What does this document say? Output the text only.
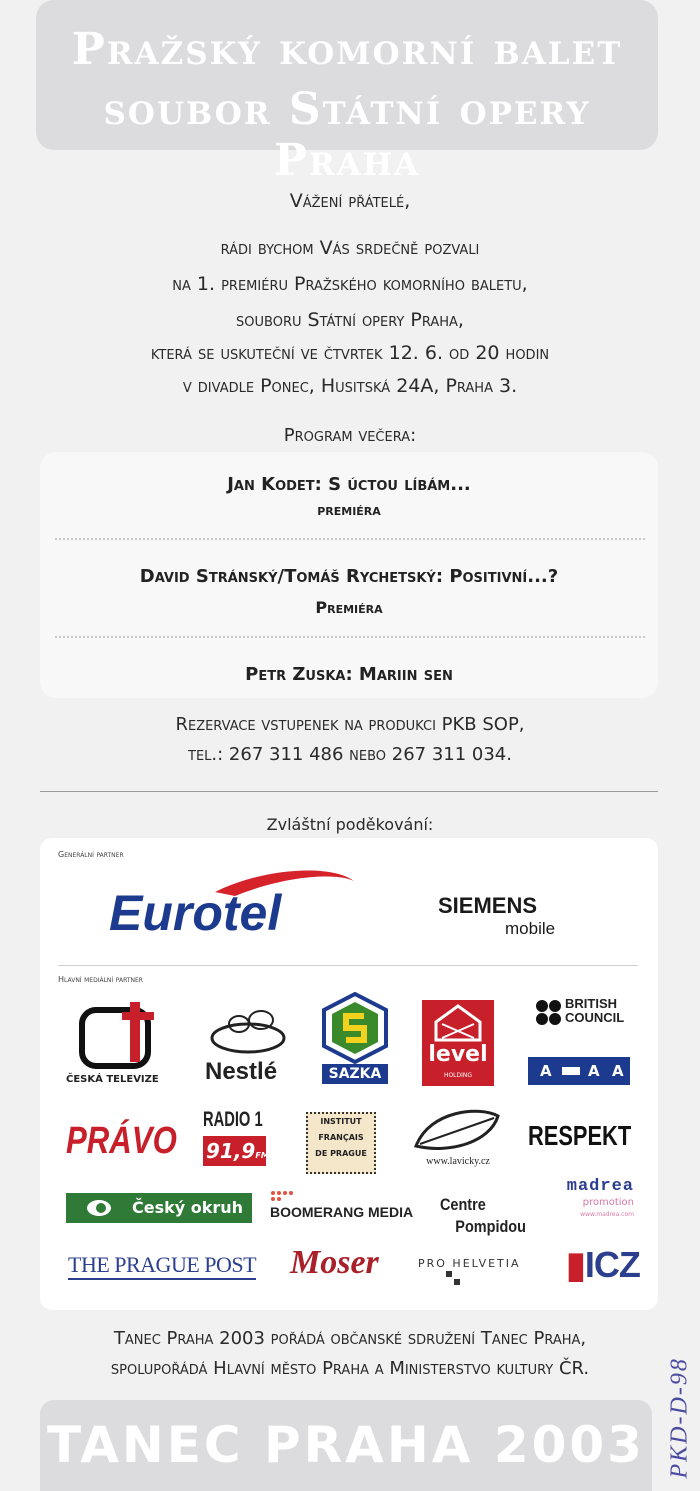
Pražský komorní balet
soubor Státní opery Praha
Vážení přátelé,
rádi bychom Vás srdečně pozvali
na 1. premiéru Pražského komorního baletu,
souboru Státní opery Praha,
která se uskuteční ve čtvrtek 12. 6. od 20 hodin
v divadle Ponec, Husitská 24A, Praha 3.
Program večera:
Jan Kodet: S úctou líbám...
premiéra
David Stránský/Tomáš Rychetský: Positivní...?
Premiéra
Petr Zuska: Mariin sen
Rezervace vstupenek na produkci PKB SOP,
tel.: 267 311 486 nebo 267 311 034.
Zvláštní poděkování:
Generální partner
Eurotel	SIEMENS
mobile
Hlavní mediální partner
ČESKÁ TELEVIZE Nestlé	SAZKA
level
HOLDING
BRITISH
COUNCIL
A A A
PRÁVO
RADIO 1
91,9FM
INSTITUT
FRANÇAIS
DE PRAGUE
www.lavicky.cz
RESPEKT
Český okruh BOOMERANG MEDIA Centre
Pompidou
madrea
promotion
www.madrea.com
THE PRAGUE POST Moser	PRO HELVETIA	▮ICZ
Tanec Praha 2003 pořádá občanské sdružení Tanec Praha,
spolupořádá Hlavní město Praha a Ministerstvo kultury ČR.
TANEC PRAHA 2003 PKD-D-98
